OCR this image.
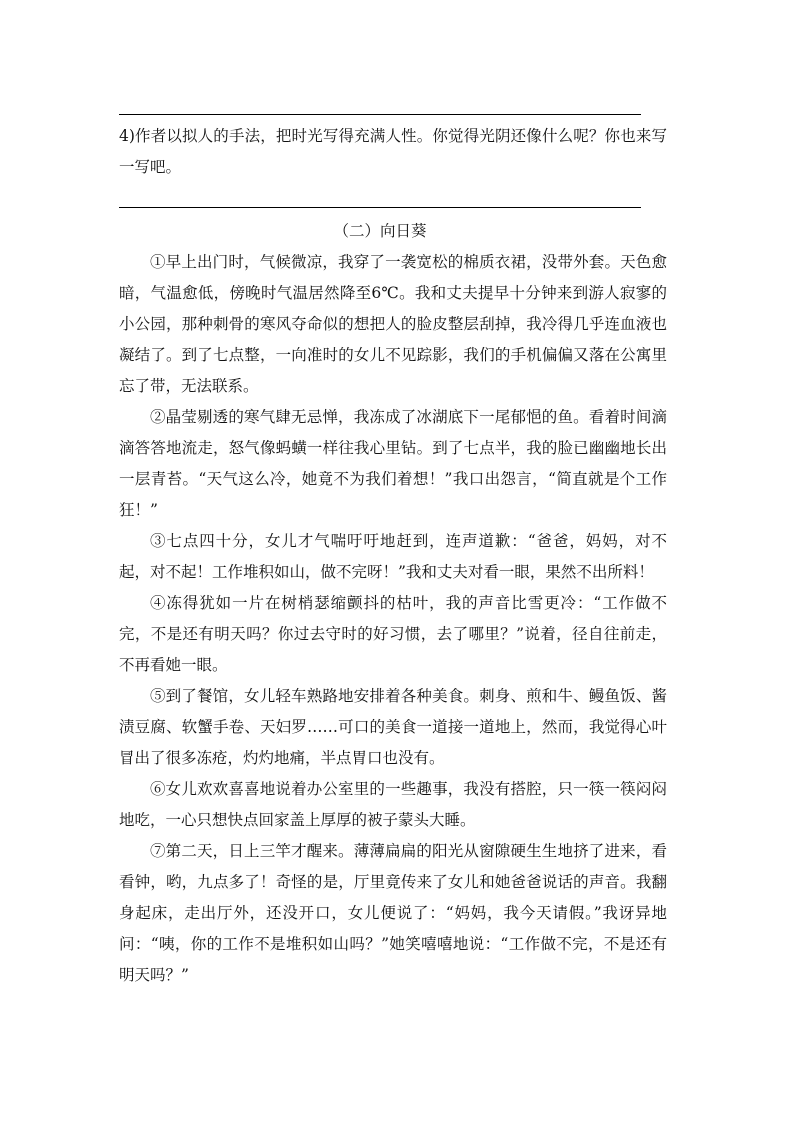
4)作者以拟人的手法，把时光写得充满人性。你觉得光阴还像什么呢？你也来写一写吧。

（二）向日葵

①早上出门时，气候微凉，我穿了一袭宽松的棉质衣裙，没带外套。天色愈暗，气温愈低，傍晚时气温居然降至6℃。我和丈夫提早十分钟来到游人寂寥的小公园，那种刺骨的寒风夺命似的想把人的脸皮整层刮掉，我冷得几乎连血液也凝结了。到了七点整，一向准时的女儿不见踪影，我们的手机偏偏又落在公寓里忘了带，无法联系。

②晶莹剔透的寒气肆无忌惮，我冻成了冰湖底下一尾郁悒的鱼。看着时间滴滴答答地流走，怒气像蚂蟥一样往我心里钻。到了七点半，我的脸已幽幽地长出一层青苔。“天气这么冷，她竟不为我们着想！”我口出怨言，“简直就是个工作狂！”

③七点四十分，女儿才气喘吁吁地赶到，连声道歉：“爸爸，妈妈，对不起，对不起！工作堆积如山，做不完呀！”我和丈夫对看一眼，果然不出所料！

④冻得犹如一片在树梢瑟缩颤抖的枯叶，我的声音比雪更冷：“工作做不完，不是还有明天吗？你过去守时的好习惯，去了哪里？”说着，径自往前走，不再看她一眼。

⑤到了餐馆，女儿轻车熟路地安排着各种美食。刺身、煎和牛、鳗鱼饭、酱渍豆腐、软蟹手卷、天妇罗……可口的美食一道接一道地上，然而，我觉得心叶冒出了很多冻疮，灼灼地痛，半点胃口也没有。

⑥女儿欢欢喜喜地说着办公室里的一些趣事，我没有搭腔，只一筷一筷闷闷地吃，一心只想快点回家盖上厚厚的被子蒙头大睡。

⑦第二天，日上三竿才醒来。薄薄扁扁的阳光从窗隙硬生生地挤了进来，看看钟，哟，九点多了！奇怪的是，厅里竟传来了女儿和她爸爸说话的声音。我翻身起床，走出厅外，还没开口，女儿便说了：“妈妈，我今天请假。”我讶异地问：“咦，你的工作不是堆积如山吗？”她笑嘻嘻地说：“工作做不完，不是还有明天吗？”
